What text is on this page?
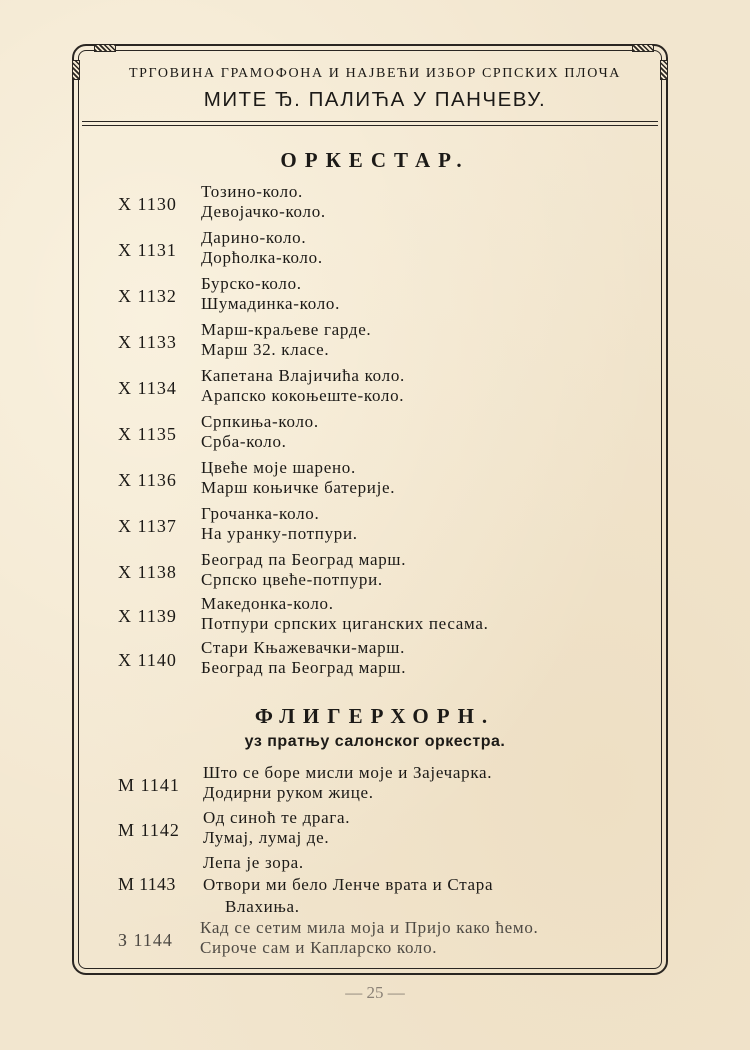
ТРГОВИНА ГРАМОФОНА И НАЈВЕЋИ ИЗБОР СРПСКИХ ПЛОЧА
МИТЕ Ђ. ПАЛИЋА У ПАНЧЕВУ.
ОРКЕСТАР.
Х 1130
Тозино-коло.
Девојачко-коло.
Х 1131
Дарино-коло.
Дорћолка-коло.
Х 1132
Бурско-коло.
Шумадинка-коло.
Х 1133
Марш-краљеве гарде.
Марш 32. класе.
Х 1134
Капетана Влајичића коло.
Арапско кокоњеште-коло.
Х 1135
Српкиња-коло.
Срба-коло.
Х 1136
Цвеће моје шарено.
Марш коњичке батерије.
Х 1137
Грочанка-коло.
На уранку-потпури.
Х 1138
Београд па Београд марш.
Српско цвеће-потпури.
Х 1139
Македонка-коло.
Потпури српских циганских песама.
Х 1140
Стари Књажевачки-марш.
Београд па Београд марш.
ФЛИГЕРХОРН.
уз пратњу салонског оркестра.
М 1141
Што се боре мисли моје и Зајечарка.
Додирни руком жице.
М 1142
Од синоћ те драга.
Лумај, лумај де.
М 1143
Лепа је зора.
Отвори ми бело Ленче врата и Стара
Влахиња.
З 1144
Кад се сетим мила моја и Пријо како ћемо.
Сироче сам и Капларско коло.
— 25 —
